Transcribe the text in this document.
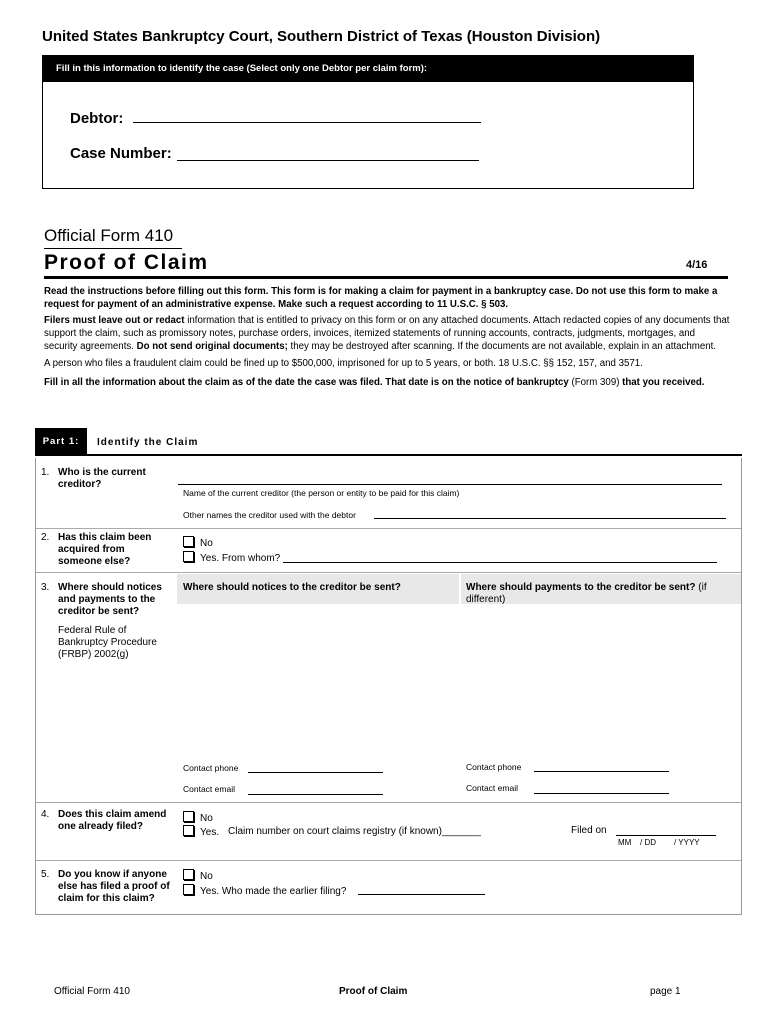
United States Bankruptcy Court, Southern District of Texas (Houston Division)
Fill in this information to identify the case (Select only one Debtor per claim form):
Debtor:
Case Number:
Official Form 410
Proof of Claim	4/16

Read the instructions before filling out this form. This form is for making a claim for payment in a bankruptcy case. Do not use this form to make a request for payment of an administrative expense. Make such a request according to 11 U.S.C. § 503.

Filers must leave out or redact information that is entitled to privacy on this form or on any attached documents. Attach redacted copies of any documents that support the claim, such as promissory notes, purchase orders, invoices, itemized statements of running accounts, contracts, judgments, mortgages, and security agreements. Do not send original documents; they may be destroyed after scanning. If the documents are not available, explain in an attachment.

A person who files a fraudulent claim could be fined up to $500,000, imprisoned for up to 5 years, or both. 18 U.S.C. §§ 152, 157, and 3571.

Fill in all the information about the claim as of the date the case was filed. That date is on the notice of bankruptcy (Form 309) that you received.

Part 1:	Identify the Claim
1. Who is the current creditor?
Name of the current creditor (the person or entity to be paid for this claim)
Other names the creditor used with the debtor
2. Has this claim been acquired from someone else?
No
Yes. From whom?
3. Where should notices and payments to the creditor be sent?
Federal Rule of Bankruptcy Procedure (FRBP) 2002(g)
Where should notices to the creditor be sent?	Where should payments to the creditor be sent? (if different)
Contact phone
Contact email
Contact phone
Contact email
4. Does this claim amend one already filed?
No
Yes. Claim number on court claims registry (if known)_______	Filed on
MM / DD / YYYY
5. Do you know if anyone else has filed a proof of claim for this claim?
No
Yes. Who made the earlier filing?
Official Form 410	Proof of Claim	page 1
